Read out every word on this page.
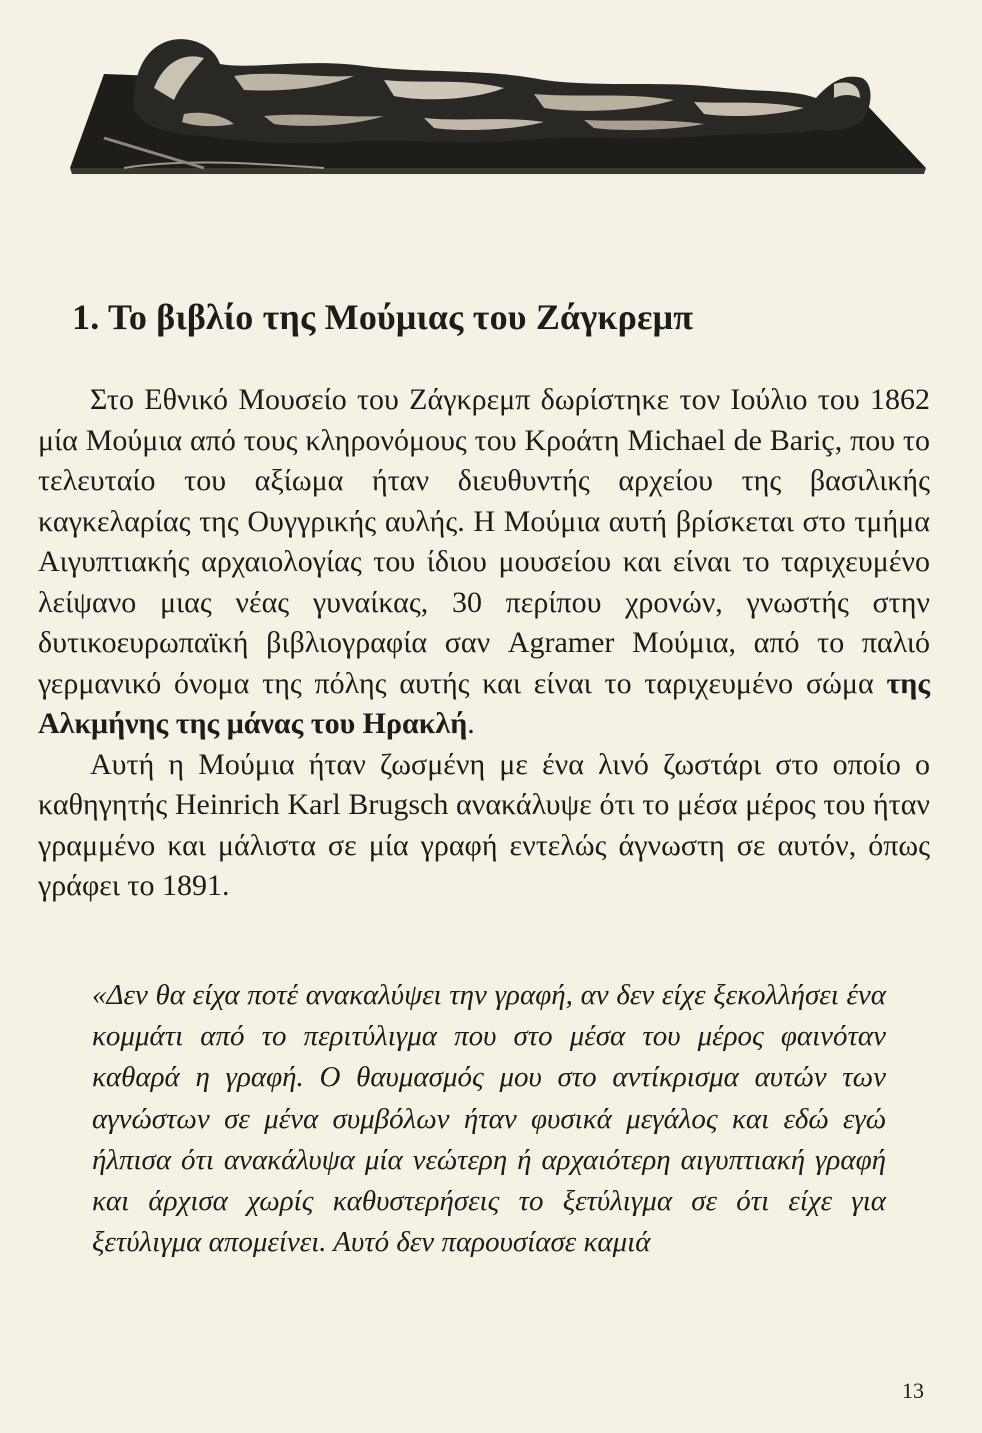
1. Το βιβλίο της Μούμιας του Ζάγκρεμπ

Στο Εθνικό Μουσείο του Ζάγκρεμπ δωρίστηκε τον Ιούλιο του 1862 μία Μούμια από τους κληρονόμους του Κροάτη Michael de Bariç, που το τελευταίο του αξίωμα ήταν διευθυντής αρχείου της βασιλικής καγκελαρίας της Ουγγρικής αυλής. Η Μούμια αυτή βρίσκεται στο τμήμα Αιγυπτιακής αρχαιολογίας του ίδιου μουσείου και είναι το ταριχευμένο λείψανο μιας νέας γυναίκας, 30 περίπου χρονών, γνωστής στην δυτικοευρωπαϊκή βιβλιογραφία σαν Agramer Μούμια, από το παλιό γερμανικό όνομα της πόλης αυτής και είναι το ταριχευμένο σώμα της Αλκμήνης της μάνας του Ηρακλή.

Αυτή η Μούμια ήταν ζωσμένη με ένα λινό ζωστάρι στο οποίο ο καθηγητής Heinrich Karl Brugsch ανακάλυψε ότι το μέσα μέρος του ήταν γραμμένο και μάλιστα σε μία γραφή εντελώς άγνωστη σε αυτόν, όπως γράφει το 1891.

«Δεν θα είχα ποτέ ανακαλύψει την γραφή, αν δεν είχε ξεκολλήσει ένα κομμάτι από το περιτύλιγμα που στο μέσα του μέρος φαινόταν καθαρά η γραφή. Ο θαυμασμός μου στο αντίκρισμα αυτών των αγνώστων σε μένα συμβόλων ήταν φυσικά μεγάλος και εδώ εγώ ήλπισα ότι ανακάλυψα μία νεώτερη ή αρχαιότερη αιγυπτιακή γραφή και άρχισα χωρίς καθυστερήσεις το ξετύλιγμα σε ότι είχε για ξετύλιγμα απομείνει. Αυτό δεν παρουσίασε καμιά

13
